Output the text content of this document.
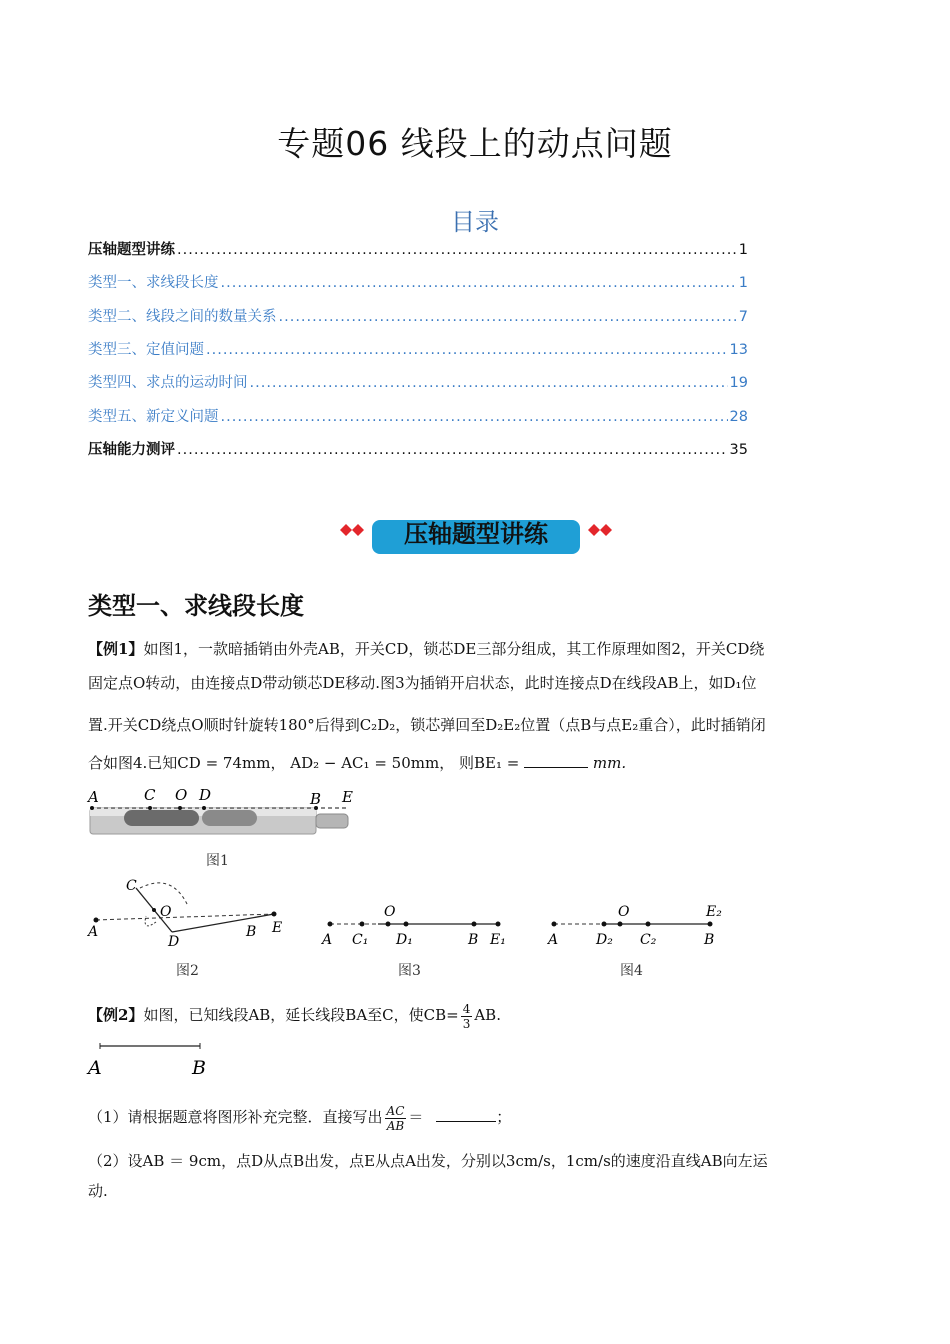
专题06 线段上的动点问题
目录
压轴题型讲练 .....	1
类型一、求线段长度 .....	1
类型二、线段之间的数量关系 .....	7
类型三、定值问题 .....	13
类型四、求点的运动时间 .....	19
类型五、新定义问题 .....	28
压轴能力测评 .....	35
压轴题型讲练
类型一、求线段长度
【例1】如图1，一款暗插销由外壳AB，开关CD，锁芯DE三部分组成，其工作原理如图2，开关CD绕
固定点O转动，由连接点D带动锁芯DE移动.图3为插销开启状态，此时连接点D在线段AB上，如D₁位
置.开关CD绕点O顺时针旋转180°后得到C₂D₂，锁芯弹回至D₂E₂位置（点B与点E₂重合），此时插销闭
合如图4.已知CD = 74mm， AD₂ − AC₁ = 50mm， 则BE₁ =	mm.
A	C O D	B E
图1
C
O
A
D
B E
图2
O
A C₁ D₁	B E₁
图3
O	E₂
A	D₂ C₂	B
图4
【例2】如图，已知线段AB，延长线段BA至C，使$CB= \frac{4}{3}$ AB.
A	B
（1）请根据题意将图形补充完整．直接写出 $\frac{AC}{AB}$ ＝	；
（2）设AB ＝ 9cm，点D从点B出发，点E从点A出发，分别以3cm/s，1cm/s的速度沿直线AB向左运
动.
